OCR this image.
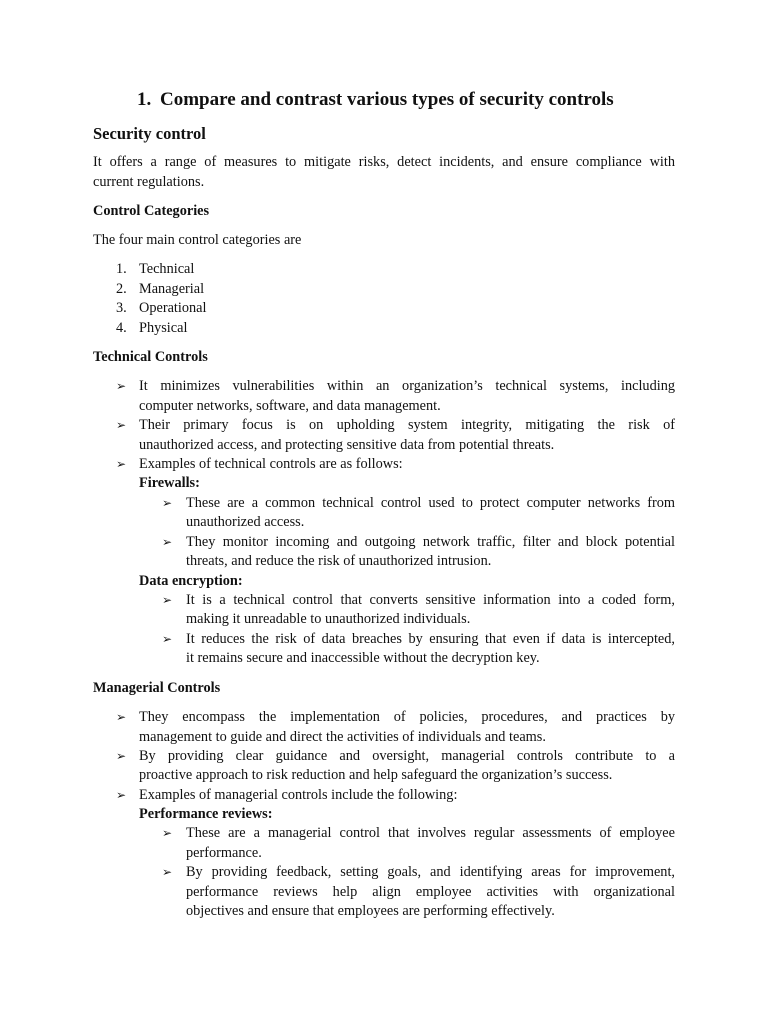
1. Compare and contrast various types of security controls
Security control
It offers a range of measures to mitigate risks, detect incidents, and ensure compliance with
current regulations.
Control Categories
The four main control categories are
1. Technical
2. Managerial
3. Operational
4. Physical
Technical Controls
➢ It minimizes vulnerabilities within an organization’s technical systems, including
computer networks, software, and data management.
➢ Their primary focus is on upholding system integrity, mitigating the risk of
unauthorized access, and protecting sensitive data from potential threats.
➢ Examples of technical controls are as follows:
Firewalls:
➢ These are a common technical control used to protect computer networks from
unauthorized access.
➢ They monitor incoming and outgoing network traffic, filter and block potential
threats, and reduce the risk of unauthorized intrusion.
Data encryption:
➢ It is a technical control that converts sensitive information into a coded form,
making it unreadable to unauthorized individuals.
➢ It reduces the risk of data breaches by ensuring that even if data is intercepted,
it remains secure and inaccessible without the decryption key.
Managerial Controls
➢ They encompass the implementation of policies, procedures, and practices by
management to guide and direct the activities of individuals and teams.
➢ By providing clear guidance and oversight, managerial controls contribute to a
proactive approach to risk reduction and help safeguard the organization’s success.
➢ Examples of managerial controls include the following:
Performance reviews:
➢ These are a managerial control that involves regular assessments of employee
performance.
➢ By providing feedback, setting goals, and identifying areas for improvement,
performance reviews help align employee activities with organizational
objectives and ensure that employees are performing effectively.
